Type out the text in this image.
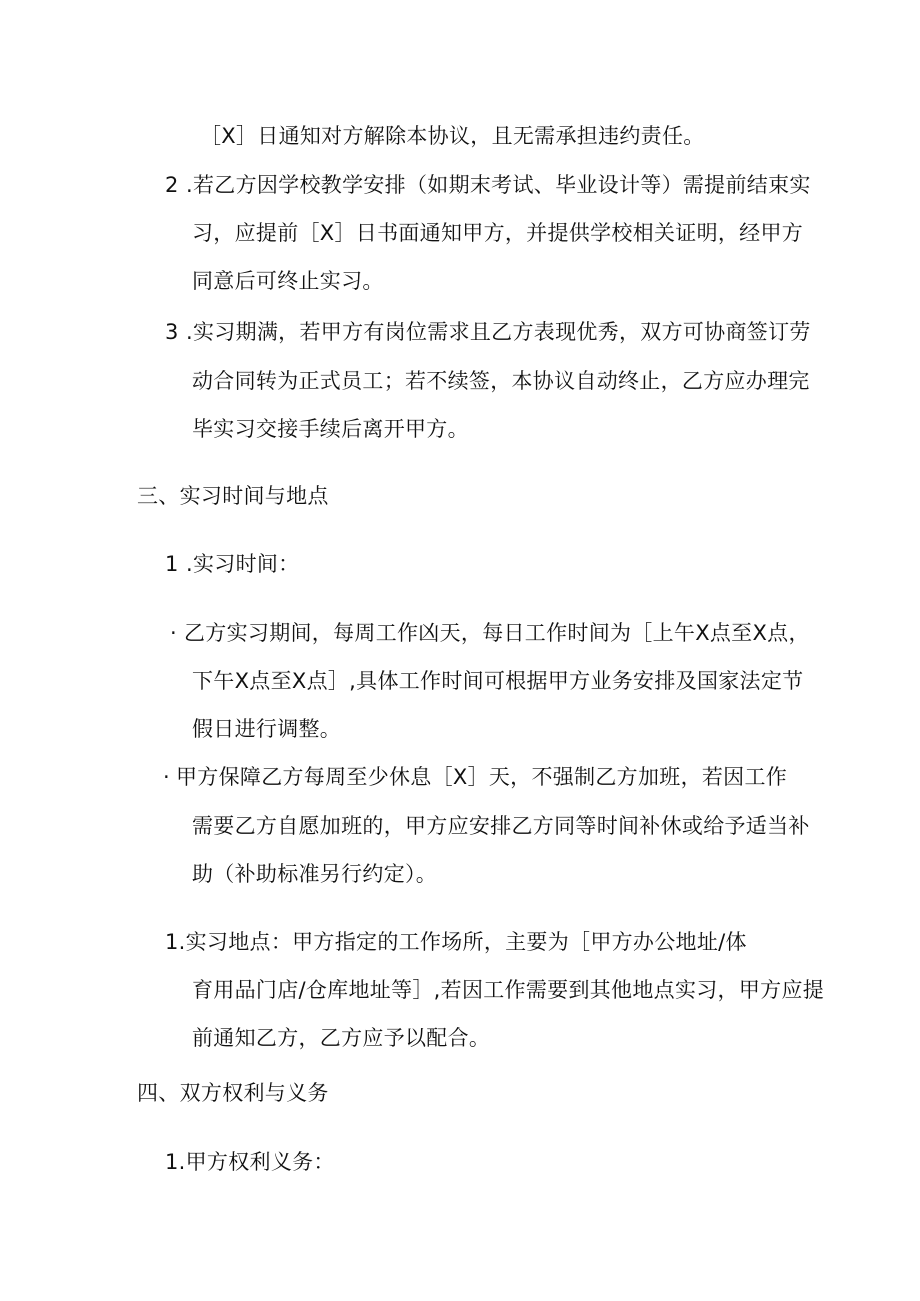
［X］日通知对方解除本协议，且无需承担违约责任。
2 .若乙方因学校教学安排（如期末考试、毕业设计等）需提前结束实
习，应提前［X］日书面通知甲方，并提供学校相关证明，经甲方
同意后可终止实习。
3 .实习期满，若甲方有岗位需求且乙方表现优秀，双方可协商签订劳
动合同转为正式员工；若不续签，本协议自动终止，乙方应办理完
毕实习交接手续后离开甲方。
三、实习时间与地点
1 .实习时间：
· 乙方实习期间，每周工作凶天，每日工作时间为［上午X点至X点，
下午X点至X点］,具体工作时间可根据甲方业务安排及国家法定节
假日进行调整。
· 甲方保障乙方每周至少休息［X］天，不强制乙方加班，若因工作
需要乙方自愿加班的，甲方应安排乙方同等时间补休或给予适当补
助（补助标准另行约定）。
1.实习地点：甲方指定的工作场所，主要为［甲方办公地址/体
育用品门店/仓库地址等］,若因工作需要到其他地点实习，甲方应提
前通知乙方，乙方应予以配合。
四、双方权利与义务
1.甲方权利义务：
